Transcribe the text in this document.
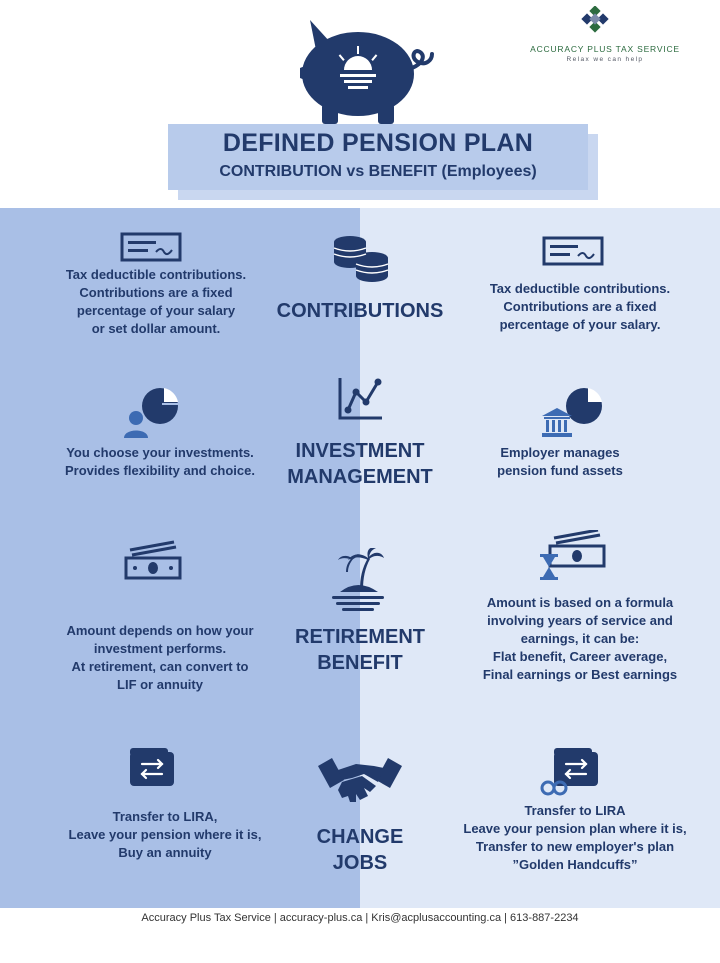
ACCURACY PLUS TAX SERVICE
Relax we can help
DEFINED PENSION PLAN
CONTRIBUTION vs BENEFIT (Employees)
Tax deductible contributions.
Contributions are a fixed
percentage of your salary
or set dollar amount.
CONTRIBUTIONS
Tax deductible contributions.
Contributions are a fixed
percentage of your salary.
You choose your investments.
Provides flexibility and choice.
INVESTMENT
MANAGEMENT
Employer manages
pension fund assets
Amount depends on how your
investment performs.
At retirement, can convert to
LIF or annuity
RETIREMENT
BENEFIT
Amount is based on a formula
involving years of service and
earnings, it can be:
Flat benefit, Career average,
Final earnings or Best earnings
Transfer to LIRA,
Leave your pension where it is,
Buy an annuity
CHANGE
JOBS
Transfer to LIRA
Leave your pension plan where it is,
Transfer to new employer's plan
”Golden Handcuffs”
Accuracy Plus Tax Service | accuracy-plus.ca | Kris@acplusaccounting.ca | 613-887-2234
